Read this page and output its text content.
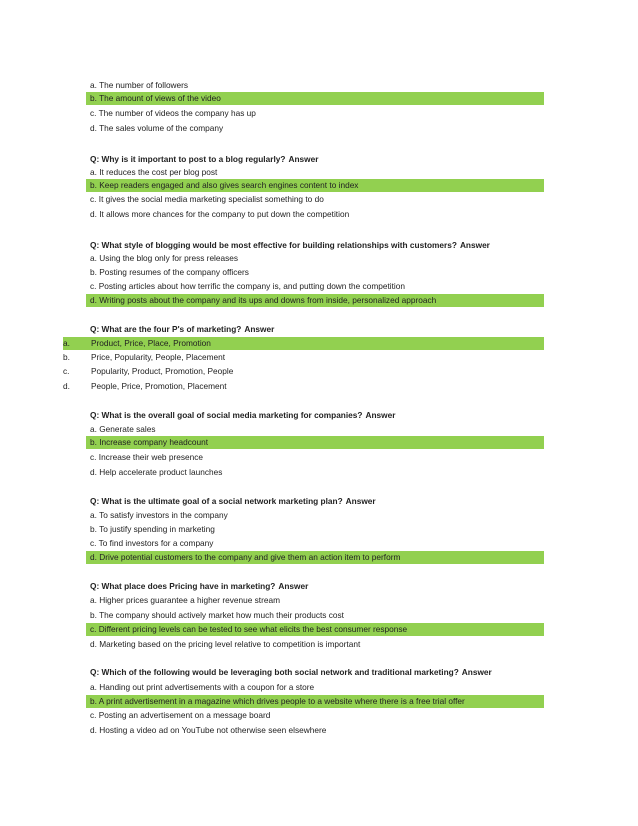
a. The number of followers
b. The amount of views of the video
c. The number of videos the company has up
d. The sales volume of the company
Q: Why is it important to post to a blog regularly? Answer
a. It reduces the cost per blog post
b. Keep readers engaged and also gives search engines content to index
c. It gives the social media marketing specialist something to do
d. It allows more chances for the company to put down the competition
Q: What style of blogging would be most effective for building relationships with customers? Answer
a. Using the blog only for press releases
b. Posting resumes of the company officers
c. Posting articles about how terrific the company is, and putting down the competition
d. Writing posts about the company and its ups and downs from inside, personalized approach
Q: What are the four P's of marketing? Answer
a.	Product, Price, Place, Promotion
b.	Price, Popularity, People, Placement
c.	Popularity, Product, Promotion, People
d.	People, Price, Promotion, Placement
Q: What is the overall goal of social media marketing for companies? Answer
a. Generate sales
b. Increase company headcount
c. Increase their web presence
d. Help accelerate product launches
Q: What is the ultimate goal of a social network marketing plan? Answer
a. To satisfy investors in the company
b. To justify spending in marketing
c. To find investors for a company
d. Drive potential customers to the company and give them an action item to perform
Q: What place does Pricing have in marketing? Answer
a. Higher prices guarantee a higher revenue stream
b. The company should actively market how much their products cost
c. Different pricing levels can be tested to see what elicits the best consumer response
d. Marketing based on the pricing level relative to competition is important
Q: Which of the following would be leveraging both social network and traditional marketing? Answer
a. Handing out print advertisements with a coupon for a store
b. A print advertisement in a magazine which drives people to a website where there is a free trial offer
c. Posting an advertisement on a message board
d. Hosting a video ad on YouTube not otherwise seen elsewhere
